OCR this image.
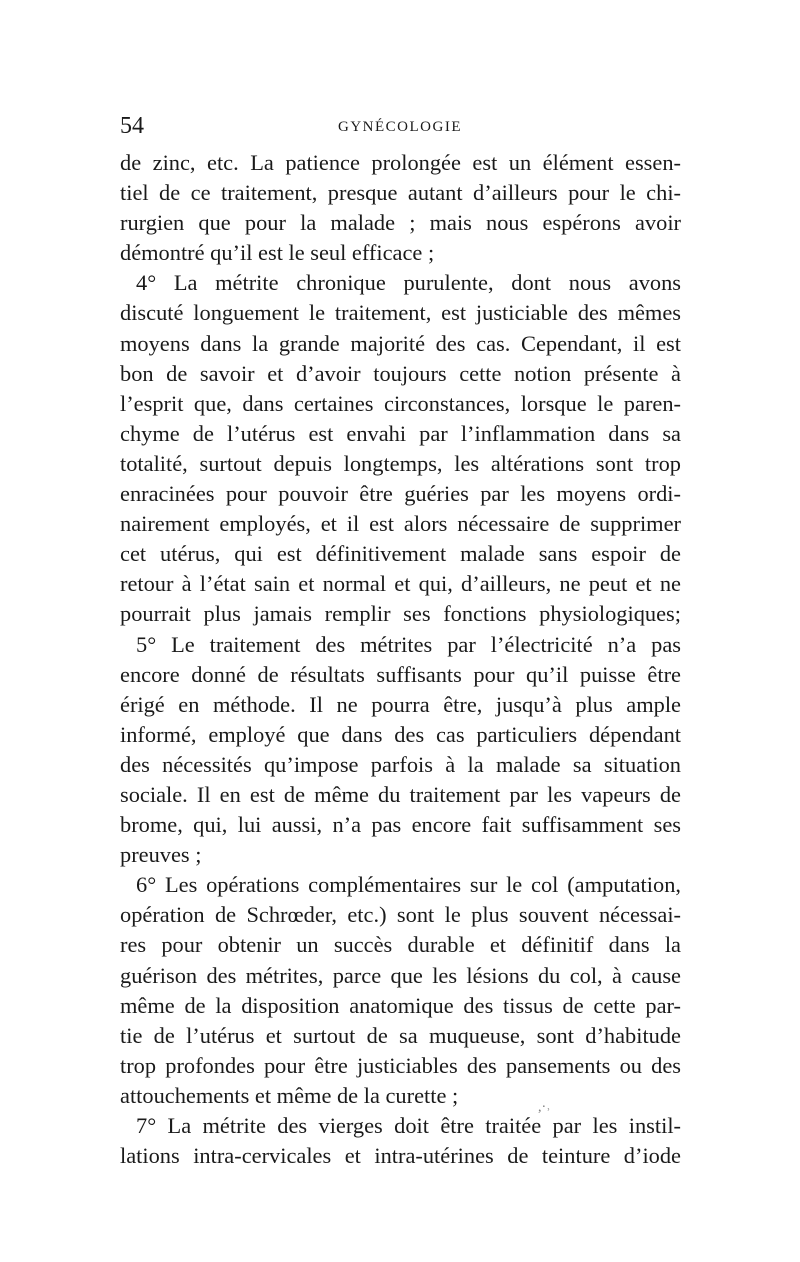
54	GYNÉCOLOGIE
de zinc, etc. La patience prolongée est un élément essen-
tiel de ce traitement, presque autant d’ailleurs pour le chi-
rurgien que pour la malade ; mais nous espérons avoir
démontré qu’il est le seul efficace ;
4° La métrite chronique purulente, dont nous avons
discuté longuement le traitement, est justiciable des mêmes
moyens dans la grande majorité des cas. Cependant, il est
bon de savoir et d’avoir toujours cette notion présente à
l’esprit que, dans certaines circonstances, lorsque le paren-
chyme de l’utérus est envahi par l’inflammation dans sa
totalité, surtout depuis longtemps, les altérations sont trop
enracinées pour pouvoir être guéries par les moyens ordi-
nairement employés, et il est alors nécessaire de supprimer
cet utérus, qui est définitivement malade sans espoir de
retour à l’état sain et normal et qui, d’ailleurs, ne peut et ne
pourrait plus jamais remplir ses fonctions physiologiques;
5° Le traitement des métrites par l’électricité n’a pas
encore donné de résultats suffisants pour qu’il puisse être
érigé en méthode. Il ne pourra être, jusqu’à plus ample
informé, employé que dans des cas particuliers dépendant
des nécessités qu’impose parfois à la malade sa situation
sociale. Il en est de même du traitement par les vapeurs de
brome, qui, lui aussi, n’a pas encore fait suffisamment ses
preuves ;
6° Les opérations complémentaires sur le col (amputation,
opération de Schrœder, etc.) sont le plus souvent nécessai-
res pour obtenir un succès durable et définitif dans la
guérison des métrites, parce que les lésions du col, à cause
même de la disposition anatomique des tissus de cette par-
tie de l’utérus et surtout de sa muqueuse, sont d’habitude
trop profondes pour être justiciables des pansements ou des
attouchements et même de la curette ;
7° La métrite des vierges doit être traitée par les instil-
lations intra-cervicales et intra-utérines de teinture d’iode
,·˒
